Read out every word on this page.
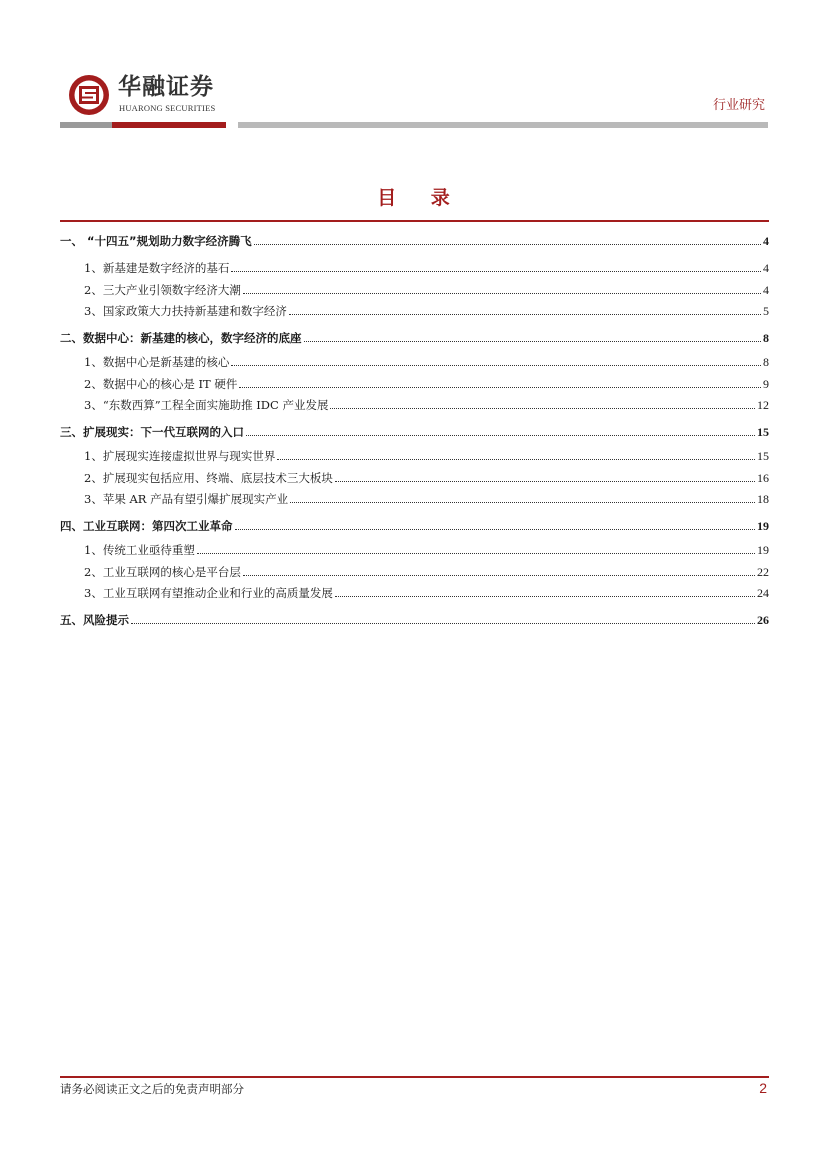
华融证券
HUARONG SECURITIES	行业研究
目 录
一、 “十四五”规划助力数字经济腾飞	4
1、新基建是数字经济的基石	4
2、三大产业引领数字经济大潮	4
3、国家政策大力扶持新基建和数字经济	5
二、数据中心：新基建的核心，数字经济的底座	8
1、数据中心是新基建的核心	8
2、数据中心的核心是 IT 硬件	9
3、“东数西算”工程全面实施助推 IDC 产业发展	12
三、扩展现实：下一代互联网的入口	15
1、扩展现实连接虚拟世界与现实世界	15
2、扩展现实包括应用、终端、底层技术三大板块	16
3、苹果 AR 产品有望引爆扩展现实产业	18
四、工业互联网：第四次工业革命	19
1、传统工业亟待重塑	19
2、工业互联网的核心是平台层	22
3、工业互联网有望推动企业和行业的高质量发展	24
五、风险提示	26
请务必阅读正文之后的免责声明部分	2
